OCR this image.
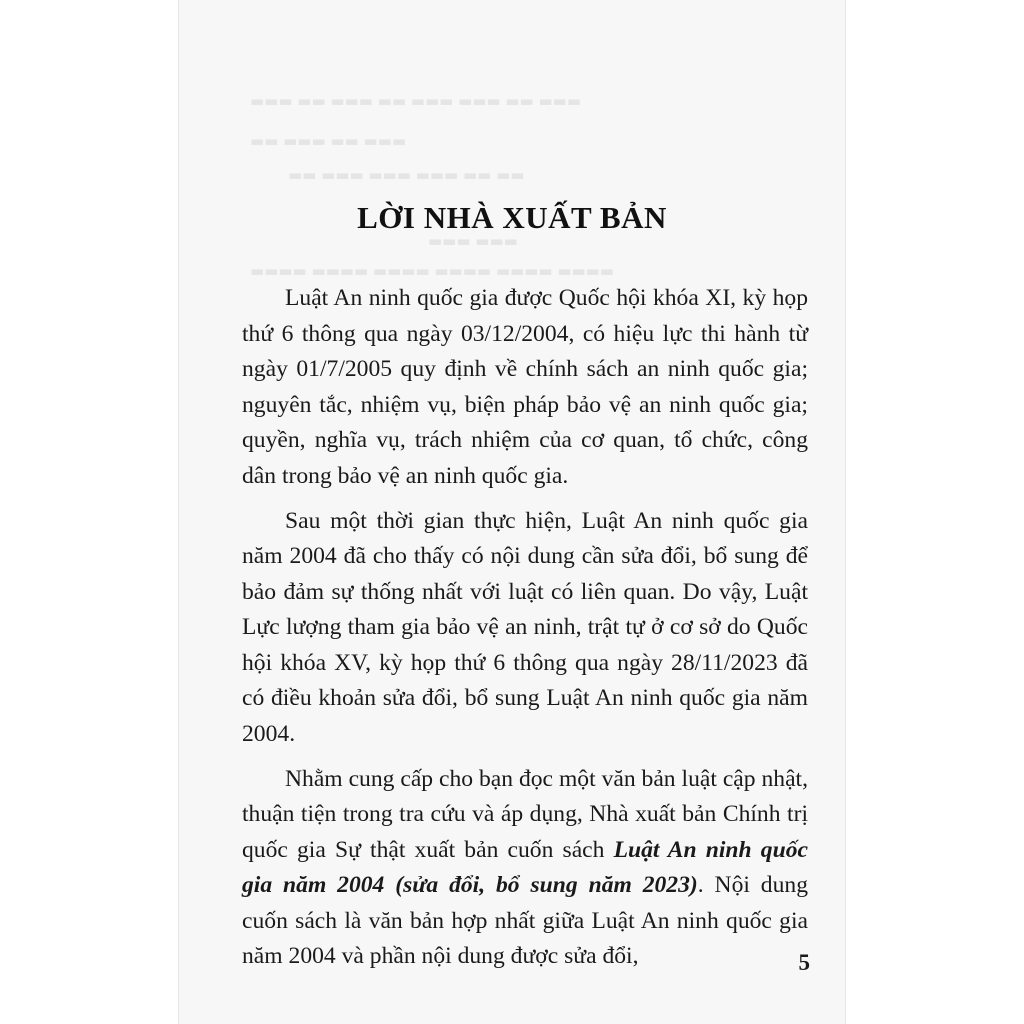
▬▬▬ ▬▬ ▬▬▬ ▬▬ ▬▬▬ ▬▬▬ ▬▬ ▬▬▬
▬▬ ▬▬▬ ▬▬ ▬▬▬
▬▬ ▬▬▬ ▬▬▬ ▬▬▬ ▬▬ ▬▬
▬▬▬ ▬▬▬
▬▬▬▬ ▬▬▬▬ ▬▬▬▬ ▬▬▬▬ ▬▬▬▬ ▬▬▬▬
LỜI NHÀ XUẤT BẢN

Luật An ninh quốc gia được Quốc hội khóa XI, kỳ họp thứ 6 thông qua ngày 03/12/2004, có hiệu lực thi hành từ ngày 01/7/2005 quy định về chính sách an ninh quốc gia; nguyên tắc, nhiệm vụ, biện pháp bảo vệ an ninh quốc gia; quyền, nghĩa vụ, trách nhiệm của cơ quan, tổ chức, công dân trong bảo vệ an ninh quốc gia.

Sau một thời gian thực hiện, Luật An ninh quốc gia năm 2004 đã cho thấy có nội dung cần sửa đổi, bổ sung để bảo đảm sự thống nhất với luật có liên quan. Do vậy, Luật Lực lượng tham gia bảo vệ an ninh, trật tự ở cơ sở do Quốc hội khóa XV, kỳ họp thứ 6 thông qua ngày 28/11/2023 đã có điều khoản sửa đổi, bổ sung Luật An ninh quốc gia năm 2004.

Nhằm cung cấp cho bạn đọc một văn bản luật cập nhật, thuận tiện trong tra cứu và áp dụng, Nhà xuất bản Chính trị quốc gia Sự thật xuất bản cuốn sách Luật An ninh quốc gia năm 2004 (sửa đổi, bổ sung năm 2023). Nội dung cuốn sách là văn bản hợp nhất giữa Luật An ninh quốc gia năm 2004 và phần nội dung được sửa đổi,	5
